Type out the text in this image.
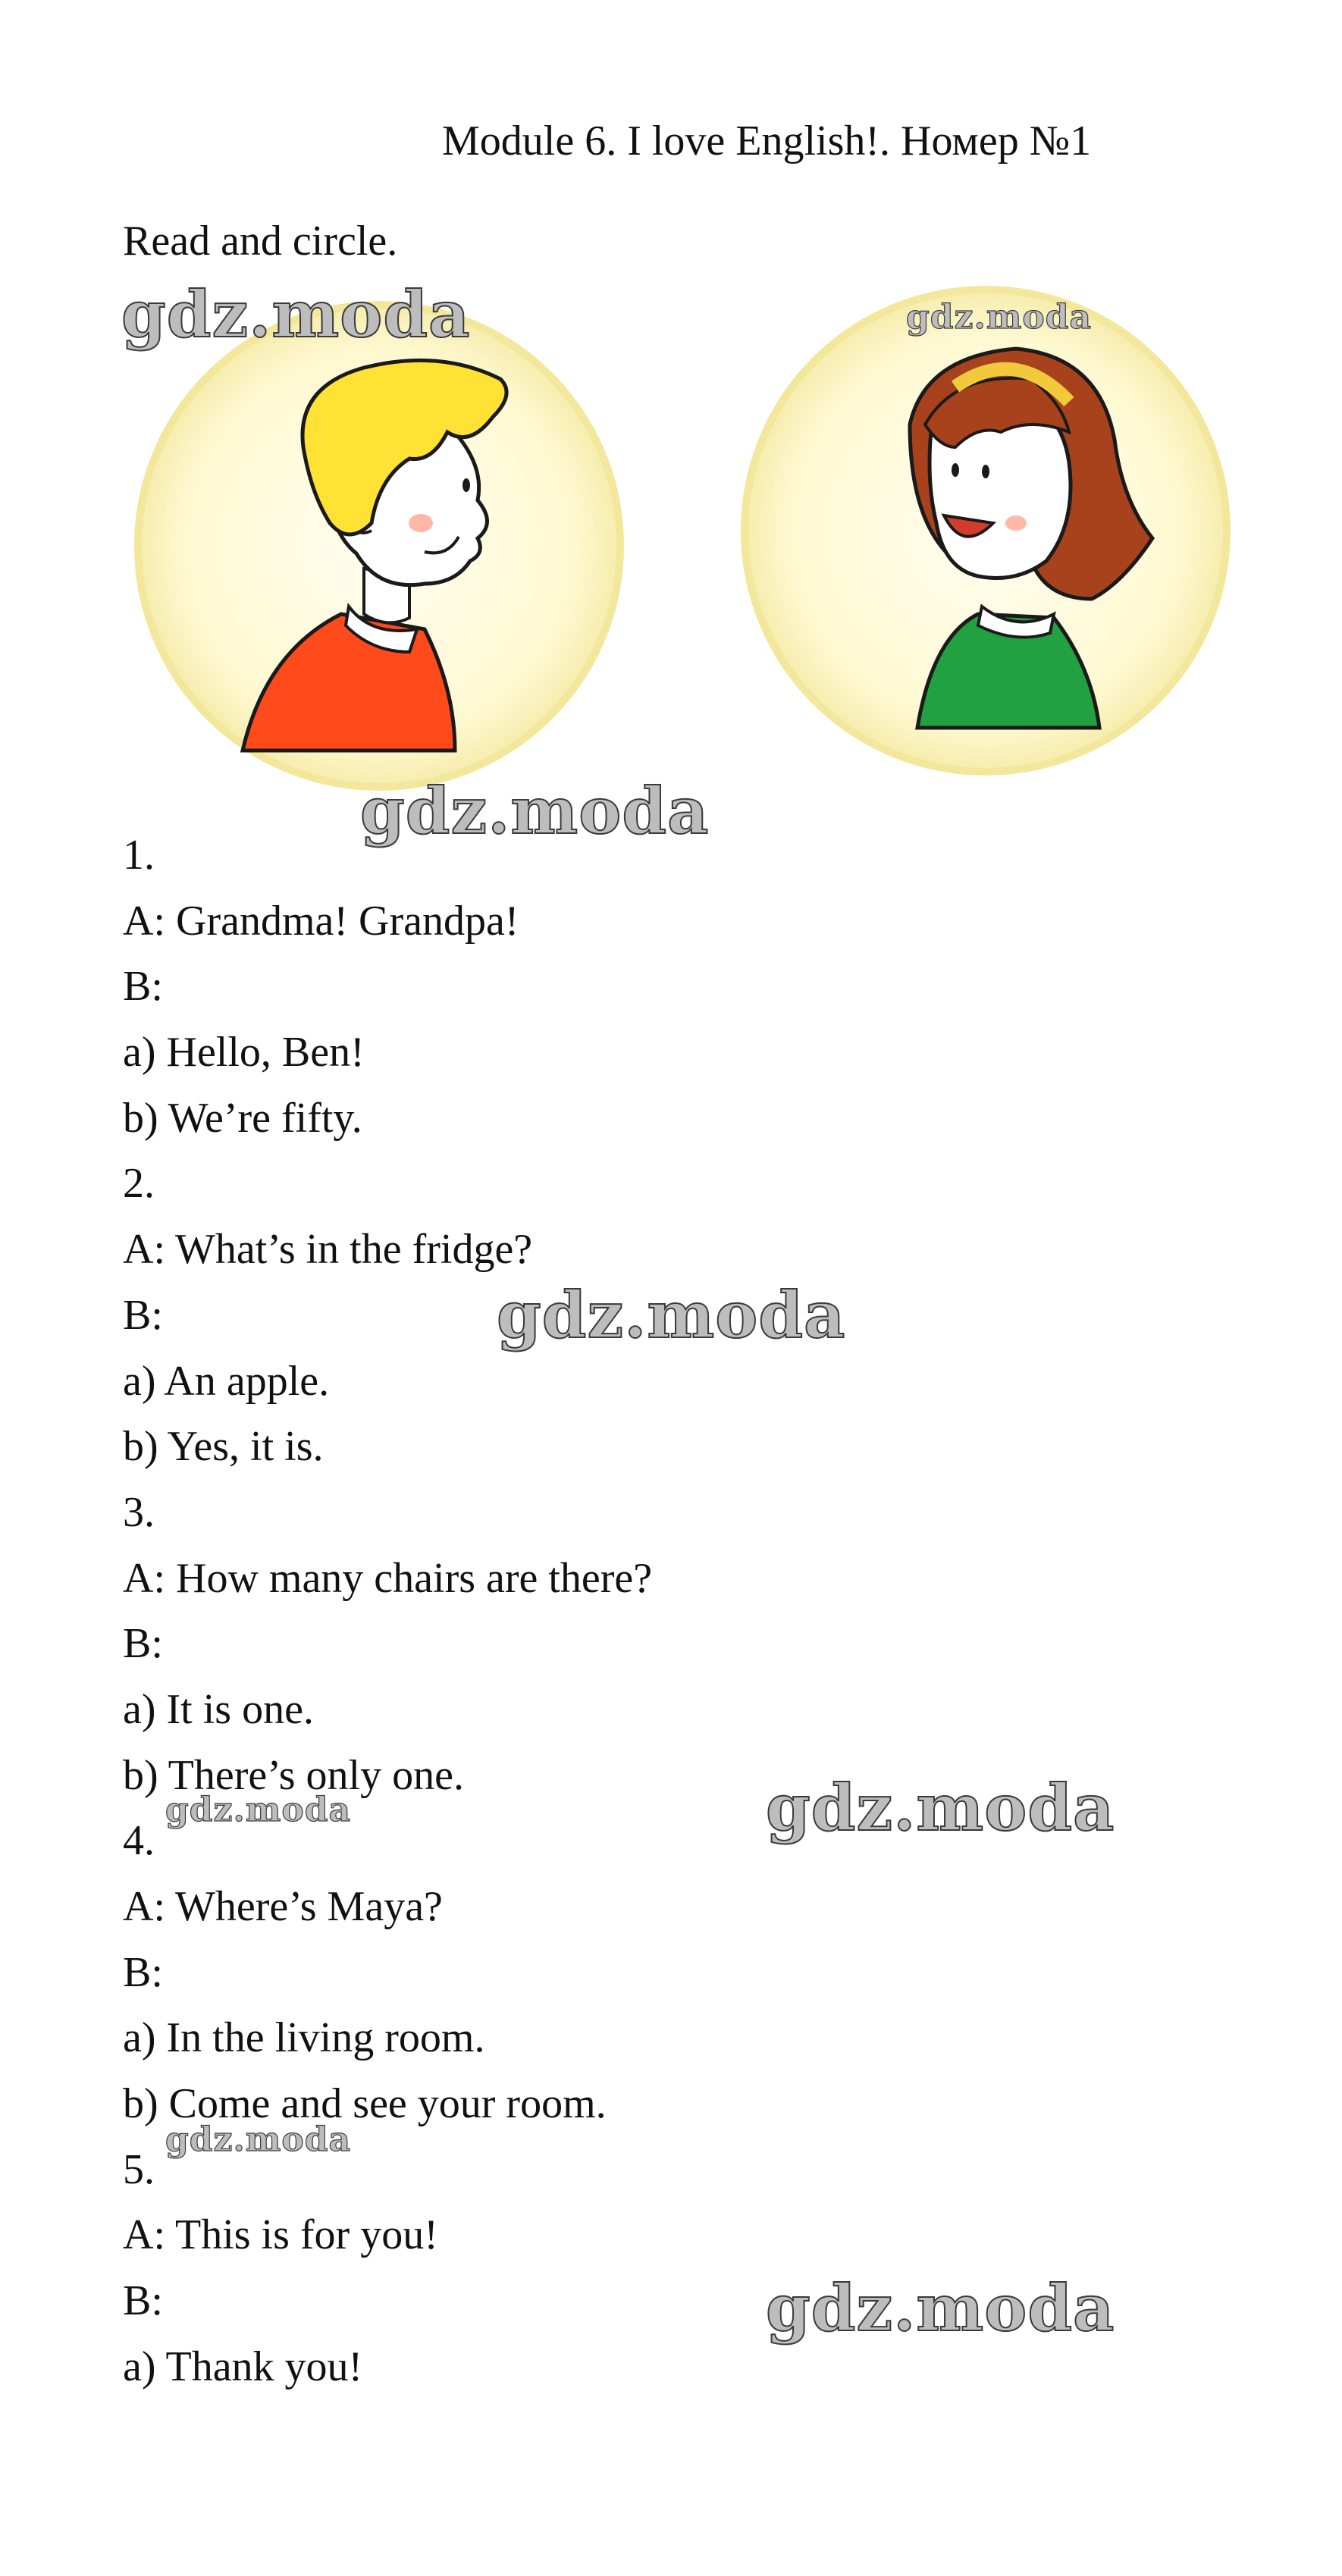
Module 6. I love English!. Номер №1
Read and circle.
1.
A: Grandma! Grandpa!
B:
a) Hello, Ben!
b) We’re fifty.
2.
A: What’s in the fridge?
B:
a) An apple.
b) Yes, it is.
3.
A: How many chairs are there?
B:
a) It is one.
b) There’s only one.
4.
A: Where’s Maya?
B:
a) In the living room.
b) Come and see your room.
5.
A: This is for you!
B:
a) Thank you!
gdz.moda	gdz.moda
gdz.moda
gdz.moda
gdz.moda
gdz.moda
gdz.moda
gdz.moda
